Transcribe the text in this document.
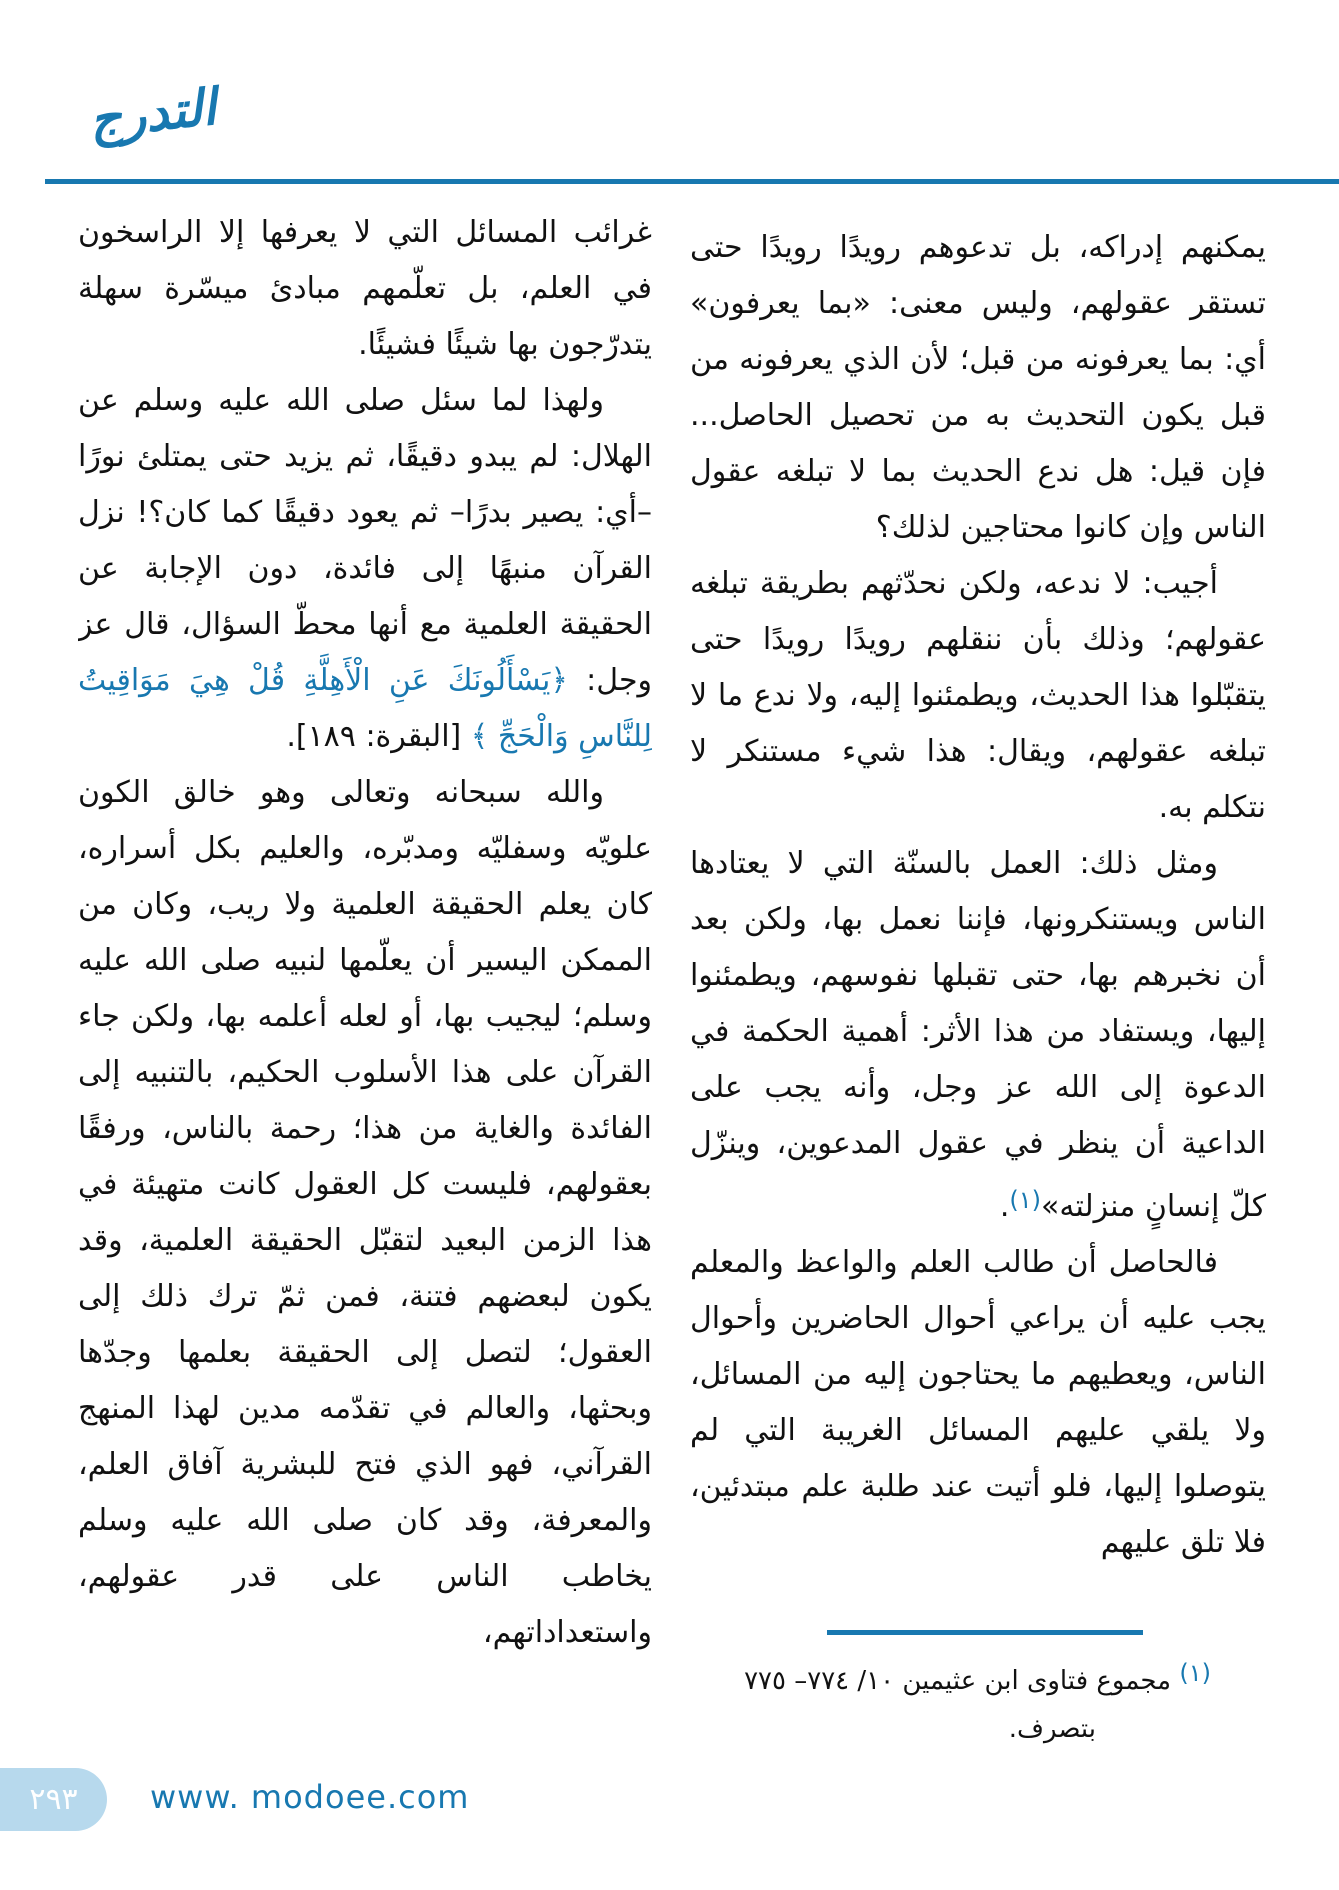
التدرج

يمكنهم إدراكه، بل تدعوهم رويدًا رويدًا حتى تستقر عقولهم، وليس معنى: «بما يعرفون» أي: بما يعرفونه من قبل؛ لأن الذي يعرفونه من قبل يكون التحديث به من تحصيل الحاصل... فإن قيل: هل ندع الحديث بما لا تبلغه عقول الناس وإن كانوا محتاجين لذلك؟

أجيب: لا ندعه، ولكن نحدّثهم بطريقة تبلغه عقولهم؛ وذلك بأن ننقلهم رويدًا رويدًا حتى يتقبّلوا هذا الحديث، ويطمئنوا إليه، ولا ندع ما لا تبلغه عقولهم، ويقال: هذا شيء مستنكر لا نتكلم به.

ومثل ذلك: العمل بالسنّة التي لا يعتادها الناس ويستنكرونها، فإننا نعمل بها، ولكن بعد أن نخبرهم بها، حتى تقبلها نفوسهم، ويطمئنوا إليها، ويستفاد من هذا الأثر: أهمية الحكمة في الدعوة إلى الله عز وجل، وأنه يجب على الداعية أن ينظر في عقول المدعوين، وينزّل كلّ إنسانٍ منزلته»$^{(١)}$.

فالحاصل أن طالب العلم والواعظ والمعلم يجب عليه أن يراعي أحوال الحاضرين وأحوال الناس، ويعطيهم ما يحتاجون إليه من المسائل، ولا يلقي عليهم المسائل الغريبة التي لم يتوصلوا إليها، فلو أتيت عند طلبة علم مبتدئين، فلا تلق عليهم

غرائب المسائل التي لا يعرفها إلا الراسخون في العلم، بل تعلّمهم مبادئ ميسّرة سهلة يتدرّجون بها شيئًا فشيئًا.

ولهذا لما سئل صلى الله عليه وسلم عن الهلال: لم يبدو دقيقًا، ثم يزيد حتى يمتلئ نورًا –أي: يصير بدرًا– ثم يعود دقيقًا كما كان؟! نزل القرآن منبهًا إلى فائدة، دون الإجابة عن الحقيقة العلمية مع أنها محطّ السؤال، قال عز وجل: ﴿يَسْأَلُونَكَ عَنِ الْأَهِلَّةِ قُلْ هِيَ مَوَاقِيتُ لِلنَّاسِ وَالْحَجِّ ﴾ [البقرة: ١٨٩].

والله سبحانه وتعالى وهو خالق الكون علويّه وسفليّه ومدبّره، والعليم بكل أسراره، كان يعلم الحقيقة العلمية ولا ريب، وكان من الممكن اليسير أن يعلّمها لنبيه صلى الله عليه وسلم؛ ليجيب بها، أو لعله أعلمه بها، ولكن جاء القرآن على هذا الأسلوب الحكيم، بالتنبيه إلى الفائدة والغاية من هذا؛ رحمة بالناس، ورفقًا بعقولهم، فليست كل العقول كانت متهيئة في هذا الزمن البعيد لتقبّل الحقيقة العلمية، وقد يكون لبعضهم فتنة، فمن ثمّ ترك ذلك إلى العقول؛ لتصل إلى الحقيقة بعلمها وجدّها وبحثها، والعالم في تقدّمه مدين لهذا المنهج القرآني، فهو الذي فتح للبشرية آفاق العلم، والمعرفة، وقد كان صلى الله عليه وسلم يخاطب الناس على قدر عقولهم، واستعداداتهم،

(١) مجموع فتاوى ابن عثيمين ١٠/ ٧٧٤– ٧٧٥
بتصرف.
٢٩٣ www. modoee.com
